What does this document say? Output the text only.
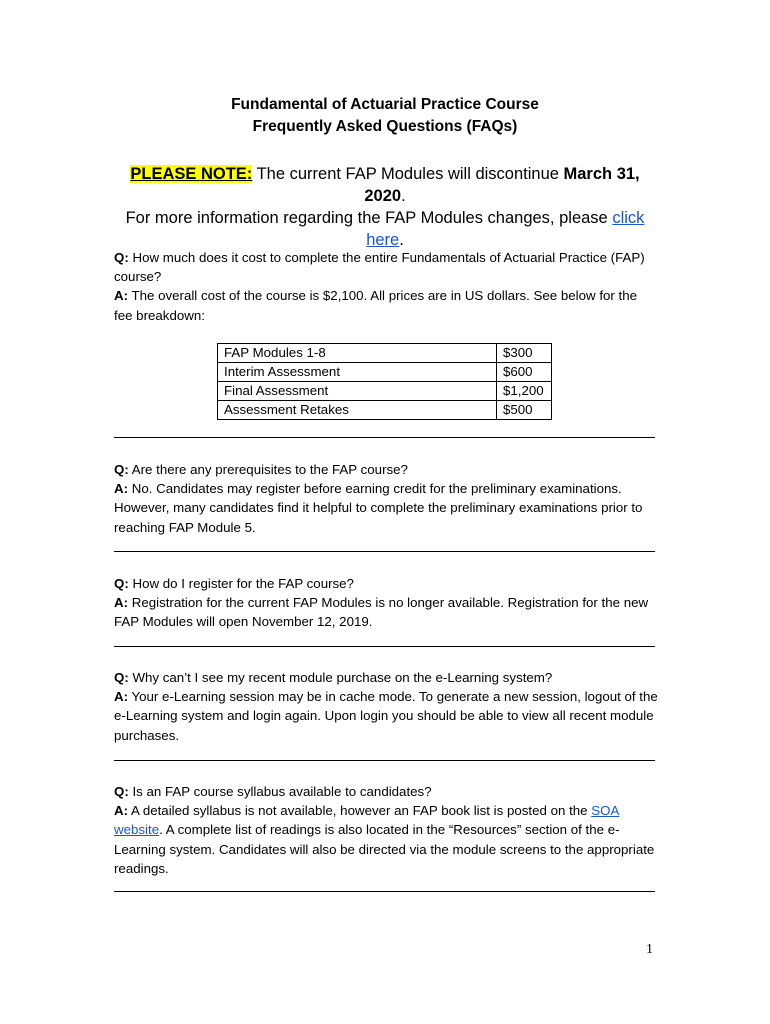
Fundamental of Actuarial Practice Course
Frequently Asked Questions (FAQs)
PLEASE NOTE: The current FAP Modules will discontinue March 31, 2020.
For more information regarding the FAP Modules changes, please click here.
Q: How much does it cost to complete the entire Fundamentals of Actuarial Practice (FAP) course?
A: The overall cost of the course is $2,100. All prices are in US dollars. See below for the fee breakdown:
FAP Modules 1-8	$300
Interim Assessment	$600
Final Assessment	$1,200
Assessment Retakes	$500
Q: Are there any prerequisites to the FAP course?
A: No. Candidates may register before earning credit for the preliminary examinations. However, many candidates find it helpful to complete the preliminary examinations prior to reaching FAP Module 5.
Q: How do I register for the FAP course?
A: Registration for the current FAP Modules is no longer available. Registration for the new FAP Modules will open November 12, 2019.
Q: Why can’t I see my recent module purchase on the e-Learning system?
A: Your e-Learning session may be in cache mode. To generate a new session, logout of the e-Learning system and login again. Upon login you should be able to view all recent module purchases.
Q: Is an FAP course syllabus available to candidates?
A: A detailed syllabus is not available, however an FAP book list is posted on the SOA website. A complete list of readings is also located in the “Resources” section of the e-Learning system. Candidates will also be directed via the module screens to the appropriate readings.
1
